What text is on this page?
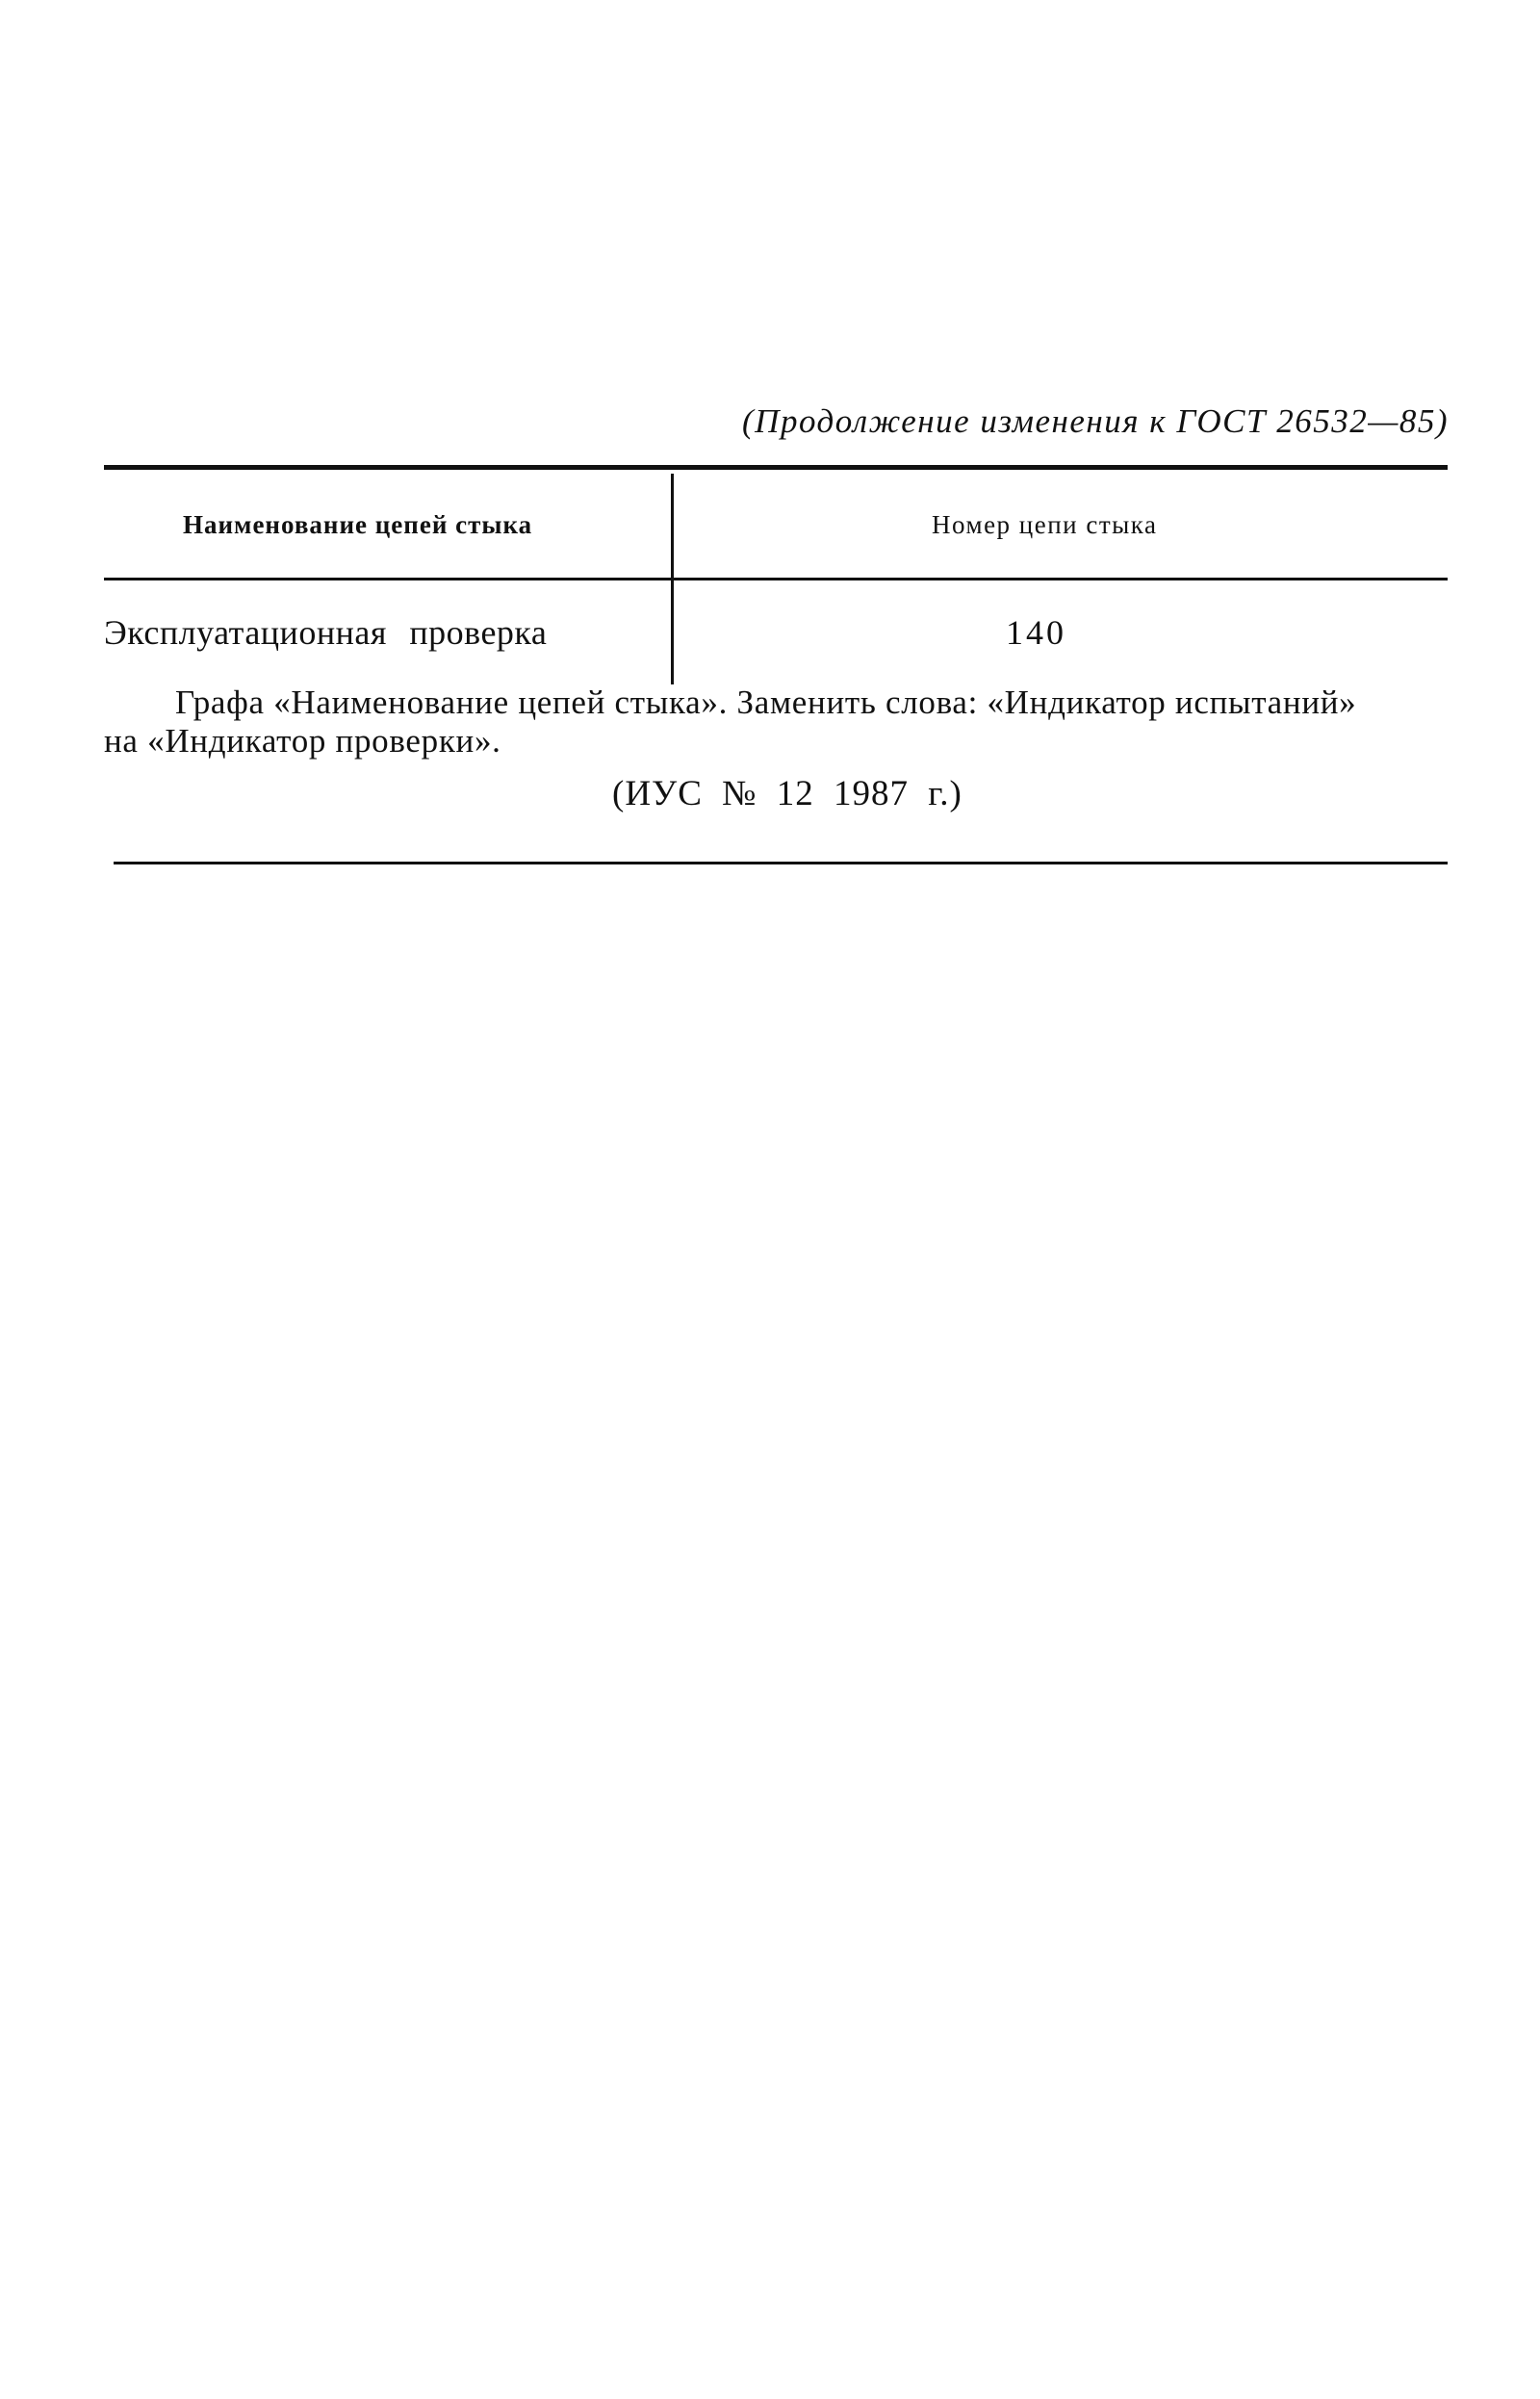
(Продолжение изменения к ГОСТ 26532—85)
Наименование цепей стыка	Номер цепи стыка
Эксплуатационная проверка	140
Графа «Наименование цепей стыка». Заменить слова: «Индикатор испытаний»
на «Индикатор проверки».
(ИУС № 12 1987 г.)
